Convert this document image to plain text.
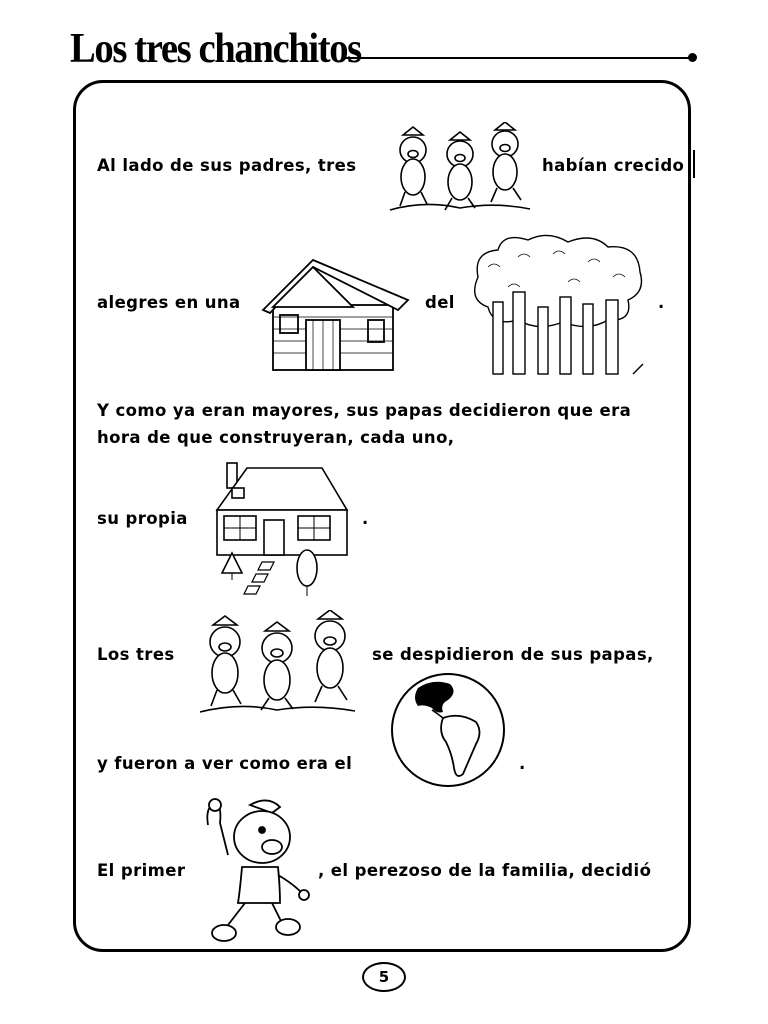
Los tres chanchitos
Al lado de sus padres, tres	habían crecido
alegres en una	del	.
Y como ya eran mayores, sus papas decidieron que era
hora de que construyeran, cada uno,
su propia	.
Los tres	se despidieron de sus papas,
y fueron a ver como era el	.
El primer	, el perezoso de la familia, decidió
5
